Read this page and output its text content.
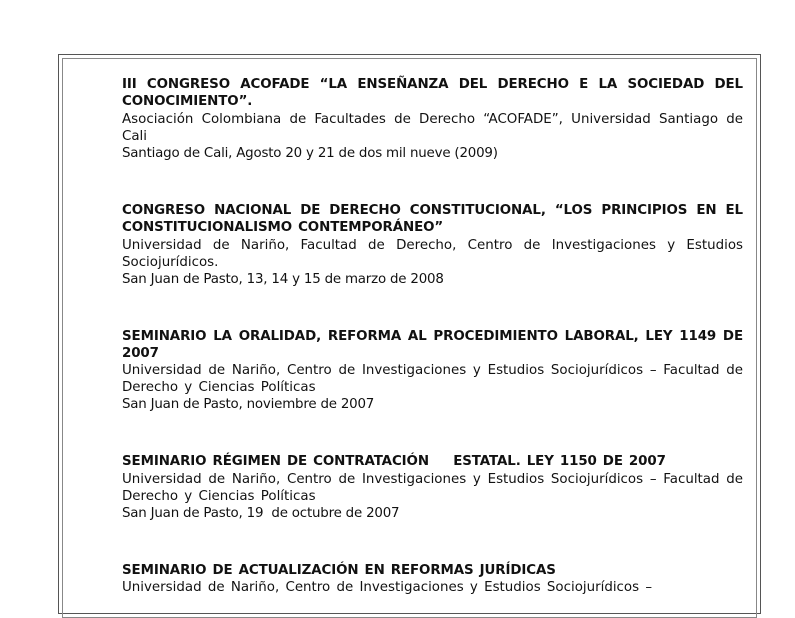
III CONGRESO ACOFADE “LA ENSEÑANZA DEL DERECHO E LA SOCIEDAD DEL CONOCIMIENTO”.
Asociación Colombiana de Facultades de Derecho “ACOFADE”, Universidad Santiago de Cali
Santiago de Cali, Agosto 20 y 21 de dos mil nueve (2009)
CONGRESO NACIONAL DE DERECHO CONSTITUCIONAL, “LOS PRINCIPIOS EN EL CONSTITUCIONALISMO CONTEMPORÁNEO”
Universidad de Nariño, Facultad de Derecho, Centro de Investigaciones y Estudios Sociojurídicos.
San Juan de Pasto, 13, 14 y 15 de marzo de 2008
SEMINARIO LA ORALIDAD, REFORMA AL PROCEDIMIENTO LABORAL, LEY 1149 DE 2007
Universidad de Nariño, Centro de Investigaciones y Estudios Sociojurídicos – Facultad de Derecho y Ciencias Políticas
San Juan de Pasto, noviembre de 2007
SEMINARIO RÉGIMEN DE CONTRATACIÓN    ESTATAL. LEY 1150 DE 2007
Universidad de Nariño, Centro de Investigaciones y Estudios Sociojurídicos – Facultad de Derecho y Ciencias Políticas
San Juan de Pasto, 19  de octubre de 2007
SEMINARIO DE ACTUALIZACIÓN EN REFORMAS JURÍDICAS
Universidad de Nariño, Centro de Investigaciones y Estudios Sociojurídicos –
